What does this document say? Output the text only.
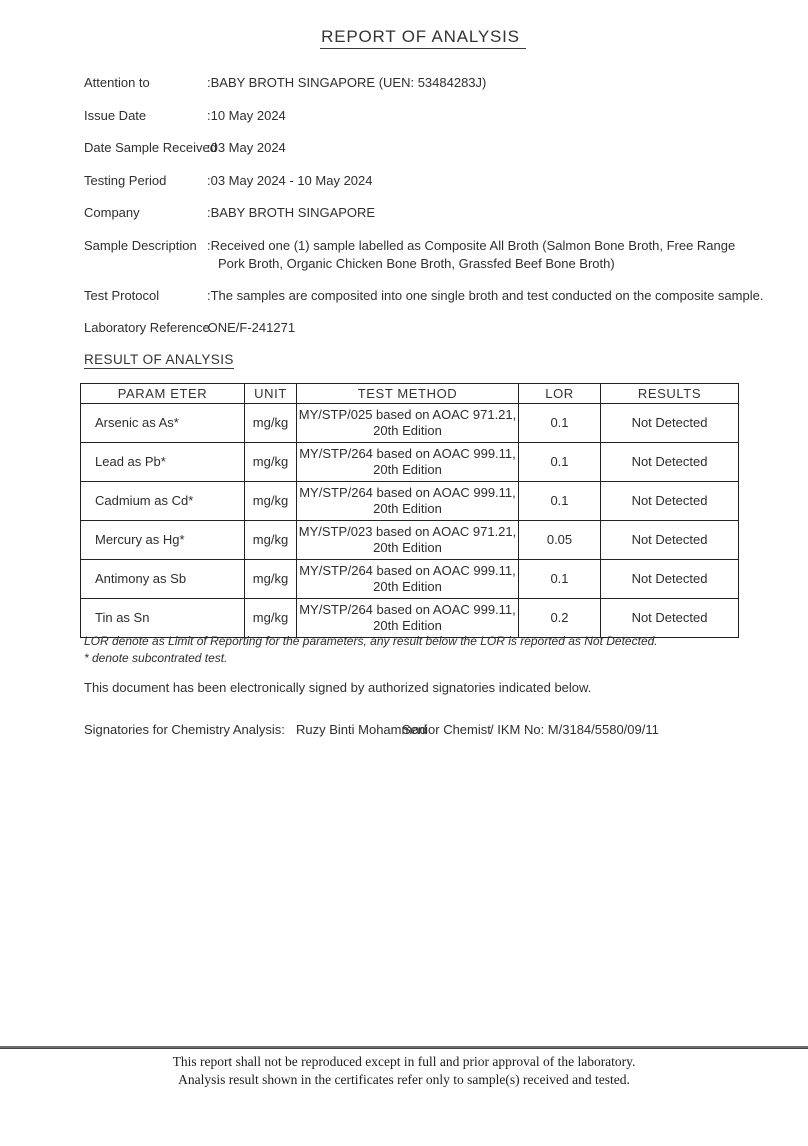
REPORT OF ANALYSIS
Attention to	:BABY BROTH SINGAPORE (UEN: 53484283J)
Issue Date	:10 May 2024
Date Sample Received
:03 May 2024
Testing Period	:03 May 2024 - 10 May 2024
Company	:BABY BROTH SINGAPORE
Sample Description :Received one (1) sample labelled as Composite All Broth (Salmon Bone Broth, Free Range
Pork Broth, Organic Chicken Bone Broth, Grassfed Beef Bone Broth)
Test Protocol	:The samples are composited into one single broth and test conducted on the composite sample.
Laboratory Reference
:ONE/F-241271
RESULT OF ANALYSIS
PARAM ETER	UNIT	TEST METHOD	LOR	RESULTS
Arsenic as As*	mg/kg	MY/STP/025 based on AOAC 971.21,
20th Edition	0.1	Not Detected
Lead as Pb*	mg/kg	MY/STP/264 based on AOAC 999.11,
20th Edition	0.1	Not Detected
Cadmium as Cd*	mg/kg	MY/STP/264 based on AOAC 999.11,
20th Edition	0.1	Not Detected
Mercury as Hg*	mg/kg	MY/STP/023 based on AOAC 971.21,
20th Edition	0.05	Not Detected
Antimony as Sb	mg/kg	MY/STP/264 based on AOAC 999.11,
20th Edition	0.1	Not Detected
Tin as Sn	mg/kg	MY/STP/264 based on AOAC 999.11,
20th Edition	0.2	Not Detected
LOR denote as Limit of Reporting for the parameters, any result below the LOR is reported as Not Detected.
* denote subcontrated test.
This document has been electronically signed by authorized signatories indicated below.
Signatories for Chemistry Analysis: Ruzy Binti Mohammad
Senior Chemist / IKM No: M/3184/5580/09/11
This report shall not be reproduced except in full and prior approval of the laboratory.
Analysis result shown in the certificates refer only to sample(s) received and tested.
